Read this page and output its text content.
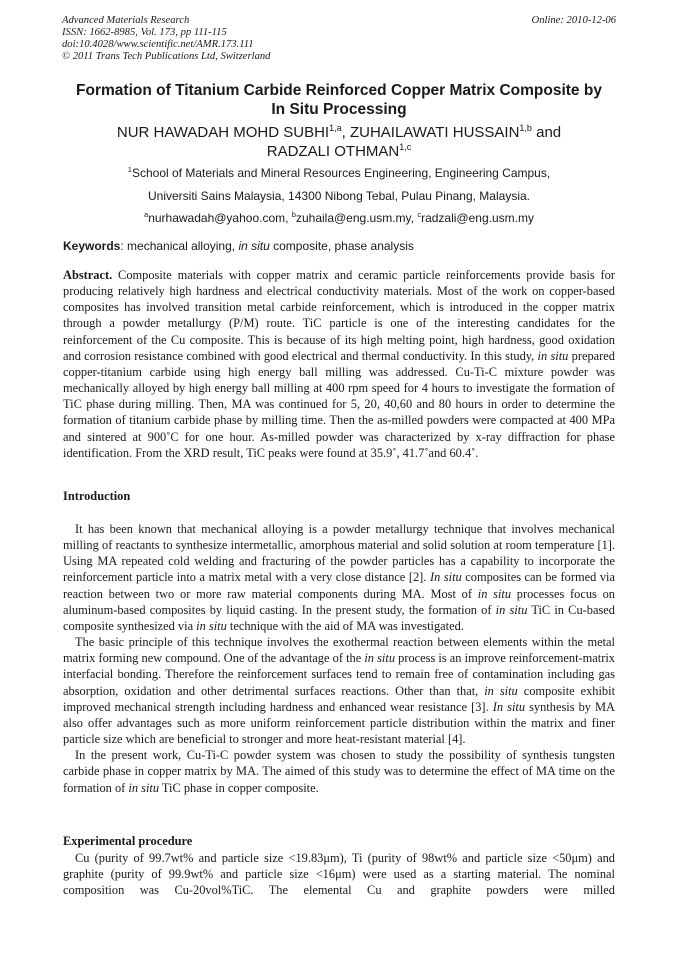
Advanced Materials Research
ISSN: 1662-8985, Vol. 173, pp 111-115
doi:10.4028/www.scientific.net/AMR.173.111
© 2011 Trans Tech Publications Ltd, Switzerland
Online: 2010-12-06
Formation of Titanium Carbide Reinforced Copper Matrix Composite by
In Situ Processing
NUR HAWADAH MOHD SUBHI$^{1,a}$, ZUHAILAWATI HUSSAIN$^{1,b}$ and
RADZALI OTHMAN$^{1,c}$
$^1$School of Materials and Mineral Resources Engineering, Engineering Campus,
Universiti Sains Malaysia, 14300 Nibong Tebal, Pulau Pinang, Malaysia.
$^a$nurhawadah@yahoo.com, $^b$zuhaila@eng.usm.my, $^c$radzali@eng.usm.my
Keywords: mechanical alloying, in situ composite, phase analysis

Abstract. Composite materials with copper matrix and ceramic particle reinforcements provide basis for producing relatively high hardness and electrical conductivity materials. Most of the work on copper-based composites has involved transition metal carbide reinforcement, which is introduced in the copper matrix through a powder metallurgy (P/M) route. TiC particle is one of the interesting candidates for the reinforcement of the Cu composite. This is because of its high melting point, high hardness, good oxidation and corrosion resistance combined with good electrical and thermal conductivity. In this study, in situ prepared copper-titanium carbide using high energy ball milling was addressed. Cu-Ti-C mixture powder was mechanically alloyed by high energy ball milling at 400 rpm speed for 4 hours to investigate the formation of TiC phase during milling. Then, MA was continued for 5, 20, 40,60 and 80 hours in order to determine the formation of titanium carbide phase by milling time. Then the as-milled powders were compacted at 400 MPa and sintered at 900˚C for one hour. As-milled powder was characterized by x-ray diffraction for phase identification. From the XRD result, TiC peaks were found at 35.9˚, 41.7˚and 60.4˚.

Introduction

It has been known that mechanical alloying is a powder metallurgy technique that involves mechanical milling of reactants to synthesize intermetallic, amorphous material and solid solution at room temperature [1]. Using MA repeated cold welding and fracturing of the powder particles has a capability to incorporate the reinforcement particle into a matrix metal with a very close distance [2]. In situ composites can be formed via reaction between two or more raw material components during MA. Most of in situ processes focus on aluminum-based composites by liquid casting. In the present study, the formation of in situ TiC in Cu-based composite synthesized via in situ technique with the aid of MA was investigated.

The basic principle of this technique involves the exothermal reaction between elements within the metal matrix forming new compound. One of the advantage of the in situ process is an improve reinforcement-matrix interfacial bonding. Therefore the reinforcement surfaces tend to remain free of contamination including gas absorption, oxidation and other detrimental surfaces reactions. Other than that, in situ composite exhibit improved mechanical strength including hardness and enhanced wear resistance [3]. In situ synthesis by MA also offer advantages such as more uniform reinforcement particle distribution within the matrix and finer particle size which are beneficial to stronger and more heat-resistant material [4].

In the present work, Cu-Ti-C powder system was chosen to study the possibility of synthesis tungsten carbide phase in copper matrix by MA. The aimed of this study was to determine the effect of MA time on the formation of in situ TiC phase in copper composite.

Experimental procedure

Cu (purity of 99.7wt% and particle size <19.83μm), Ti (purity of 98wt% and particle size <50μm) and graphite (purity of 99.9wt% and particle size <16μm) were used as a starting material. The nominal composition was Cu-20vol%TiC. The elemental Cu and graphite powders were milled
